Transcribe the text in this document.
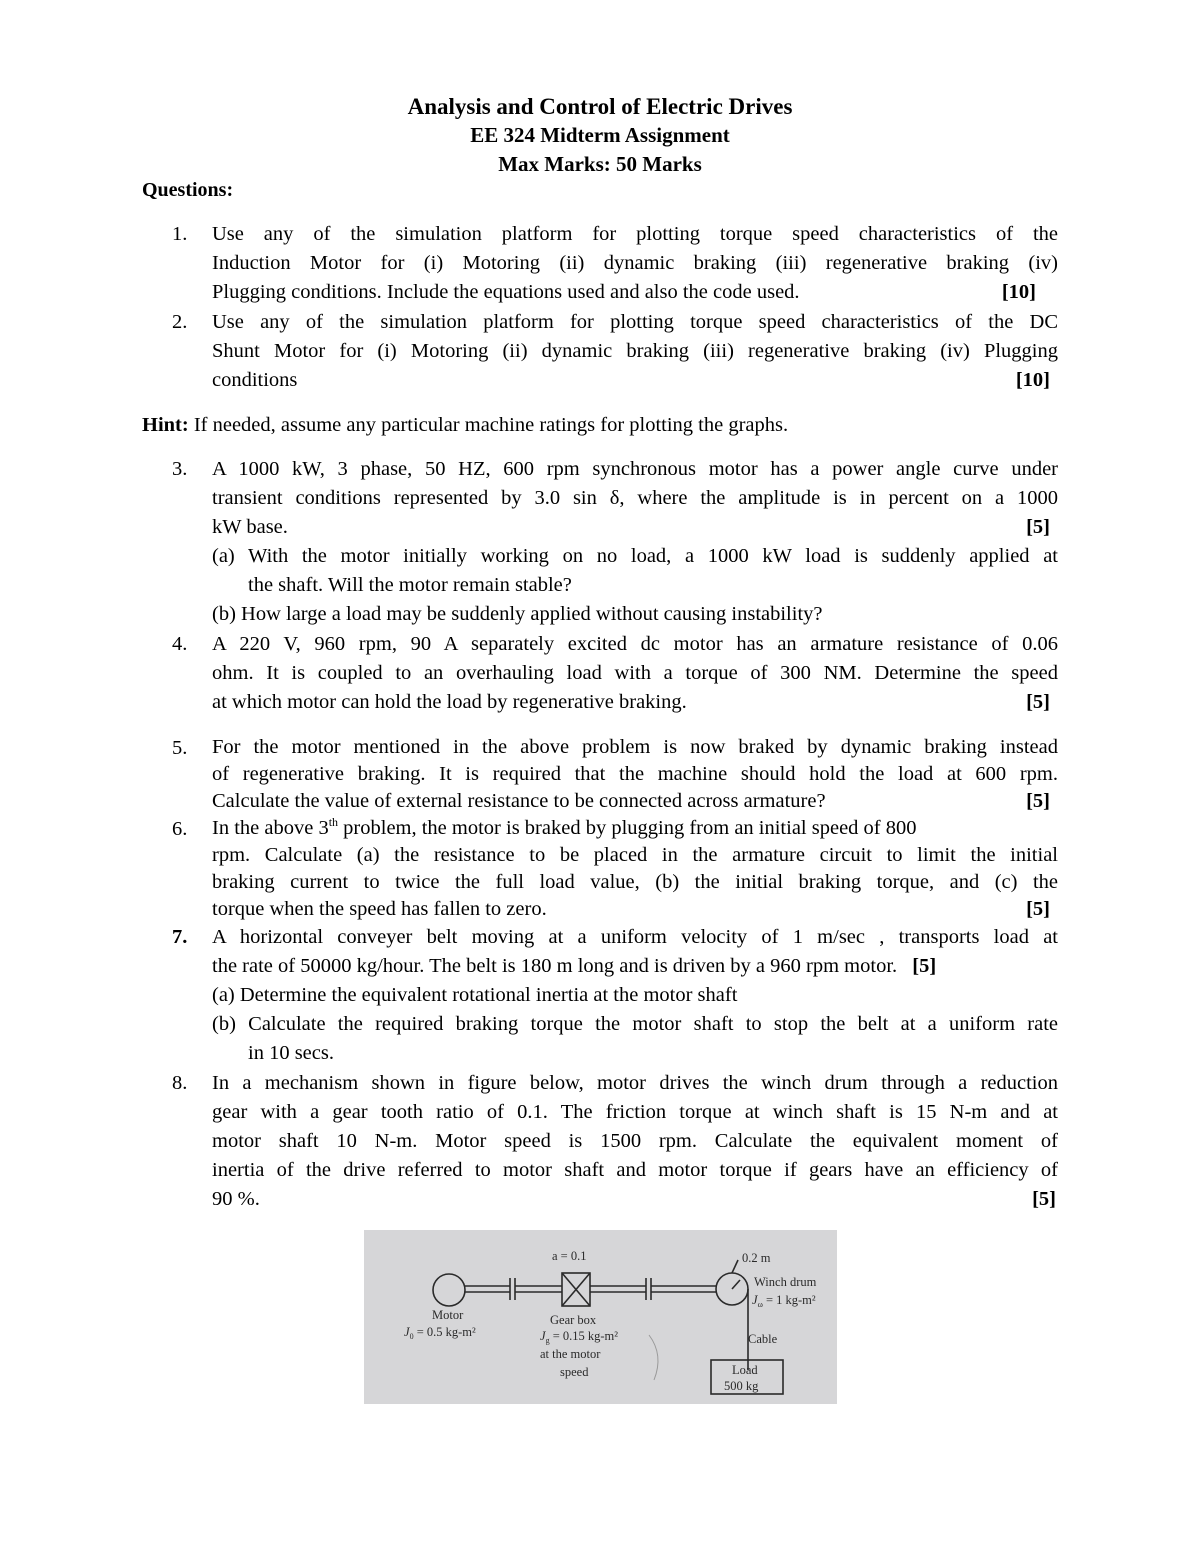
Analysis and Control of Electric Drives
EE 324 Midterm Assignment
Max Marks: 50 Marks
Questions:
1. Use any of the simulation platform for plotting torque speed characteristics of the
Induction Motor for (i) Motoring (ii) dynamic braking (iii) regenerative braking (iv)
Plugging conditions. Include the equations used and also the code used.	[10]
2. Use any of the simulation platform for plotting torque speed characteristics of the DC
Shunt Motor for (i) Motoring (ii) dynamic braking (iii) regenerative braking (iv) Plugging
conditions	[10]
Hint: If needed, assume any particular machine ratings for plotting the graphs.
3. A 1000 kW, 3 phase, 50 HZ, 600 rpm synchronous motor has a power angle curve under
transient conditions represented by 3.0 sin δ, where the amplitude is in percent on a 1000
kW base.	[5]
(a) With the motor initially working on no load, a 1000 kW load is suddenly applied at
the shaft. Will the motor remain stable?
(b) How large a load may be suddenly applied without causing instability?
4. A 220 V, 960 rpm, 90 A separately excited dc motor has an armature resistance of 0.06
ohm. It is coupled to an overhauling load with a torque of 300 NM. Determine the speed
at which motor can hold the load by regenerative braking.	[5]
5. For the motor mentioned in the above problem is now braked by dynamic braking instead
of regenerative braking. It is required that the machine should hold the load at 600 rpm.
Calculate the value of external resistance to be connected across armature?	[5]
6. In the above 3th problem, the motor is braked by plugging from an initial speed of 800
rpm. Calculate (a) the resistance to be placed in the armature circuit to limit the initial
braking current to twice the full load value, (b) the initial braking torque, and (c) the
torque when the speed has fallen to zero.	[5]
7. A horizontal conveyer belt moving at a uniform velocity of 1 m/sec , transports load at
the rate of 50000 kg/hour. The belt is 180 m long and is driven by a 960 rpm motor. [5]
(a) Determine the equivalent rotational inertia at the motor shaft
(b) Calculate the required braking torque the motor shaft to stop the belt at a uniform rate
in 10 secs.
8. In a mechanism shown in figure below, motor drives the winch drum through a reduction
gear with a gear tooth ratio of 0.1. The friction torque at winch shaft is 15 N-m and at
motor shaft 10 N-m. Motor speed is 1500 rpm. Calculate the equivalent moment of
inertia of the drive referred to motor shaft and motor torque if gears have an efficiency of
90 %.	[5]
a = 0.1	0.2 m
Winch drum
$J_\omega = 1$ kg-m²
Motor
$J_0 = 0.5$ kg-m²
Gear box
$J_g = 0.15$ kg-m²
at the motor
speed
Cable
Load
500 kg
